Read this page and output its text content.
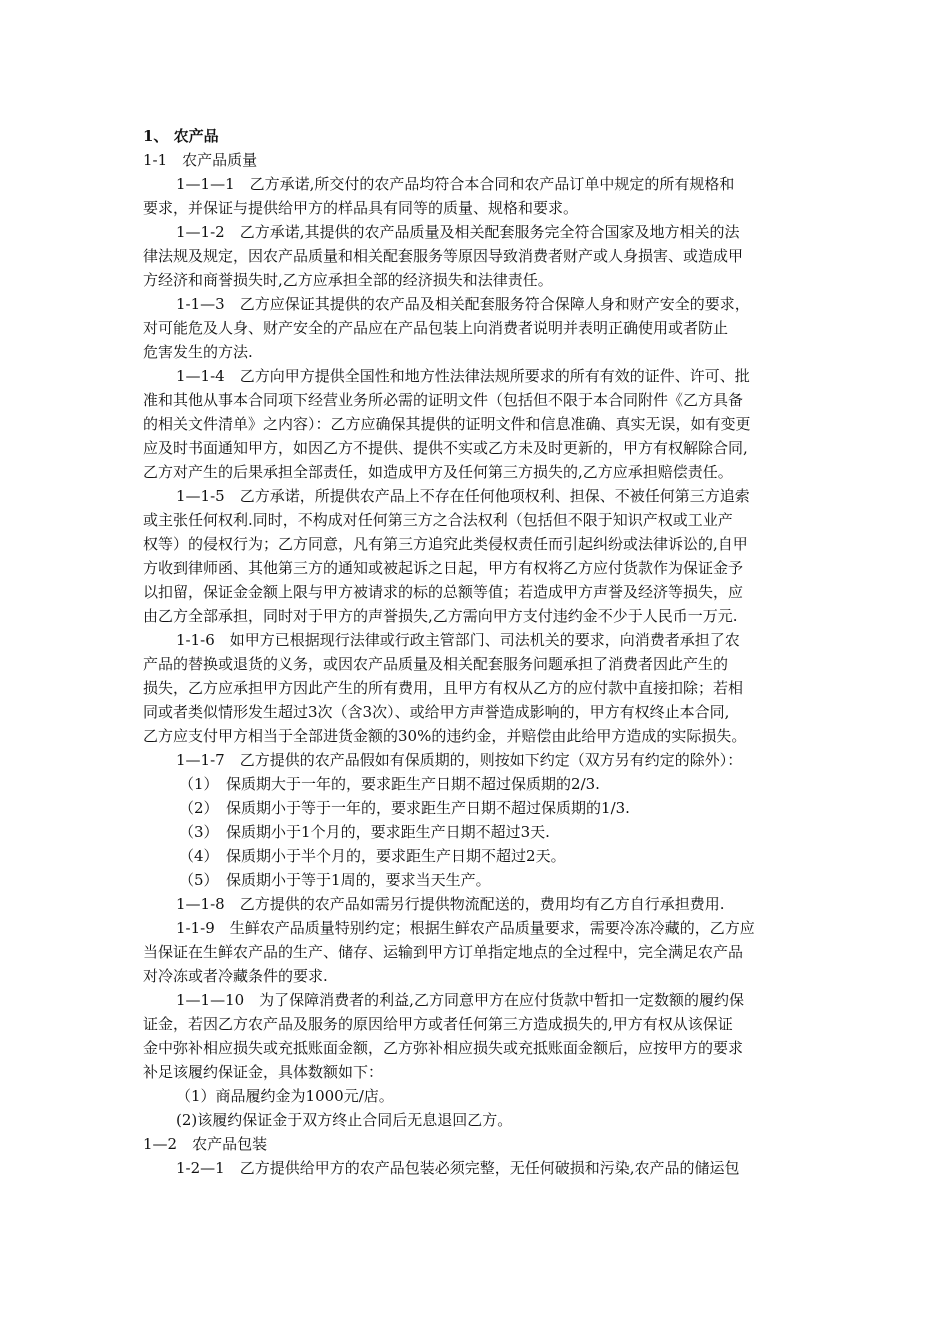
1、 农产品
1-1　农产品质量
1—1—1　乙方承诺,所交付的农产品均符合本合同和农产品订单中规定的所有规格和
要求，并保证与提供给甲方的样品具有同等的质量、规格和要求。
1—1-2　乙方承诺,其提供的农产品质量及相关配套服务完全符合国家及地方相关的法
律法规及规定，因农产品质量和相关配套服务等原因导致消费者财产或人身损害、或造成甲
方经济和商誉损失时,乙方应承担全部的经济损失和法律责任。
1-1—3　乙方应保证其提供的农产品及相关配套服务符合保障人身和财产安全的要求，
对可能危及人身、财产安全的产品应在产品包装上向消费者说明并表明正确使用或者防止
危害发生的方法.
1—1-4　乙方向甲方提供全国性和地方性法律法规所要求的所有有效的证件、许可、批
准和其他从事本合同项下经营业务所必需的证明文件（包括但不限于本合同附件《乙方具备
的相关文件清单》之内容）：乙方应确保其提供的证明文件和信息准确、真实无误，如有变更
应及时书面通知甲方，如因乙方不提供、提供不实或乙方未及时更新的，甲方有权解除合同,
乙方对产生的后果承担全部责任，如造成甲方及任何第三方损失的,乙方应承担赔偿责任。
1—1-5　乙方承诺，所提供农产品上不存在任何他项权利、担保、不被任何第三方追索
或主张任何权利.同时，不构成对任何第三方之合法权利（包括但不限于知识产权或工业产
权等）的侵权行为；乙方同意，凡有第三方追究此类侵权责任而引起纠纷或法律诉讼的,自甲
方收到律师函、其他第三方的通知或被起诉之日起，甲方有权将乙方应付货款作为保证金予
以扣留，保证金金额上限与甲方被请求的标的总额等值；若造成甲方声誉及经济等损失，应
由乙方全部承担，同时对于甲方的声誉损失,乙方需向甲方支付违约金不少于人民币一万元.
1-1-6　如甲方已根据现行法律或行政主管部门、司法机关的要求，向消费者承担了农
产品的替换或退货的义务，或因农产品质量及相关配套服务问题承担了消费者因此产生的
损失，乙方应承担甲方因此产生的所有费用，且甲方有权从乙方的应付款中直接扣除；若相
同或者类似情形发生超过3次（含3次）、或给甲方声誉造成影响的，甲方有权终止本合同,
乙方应支付甲方相当于全部进货金额的30%的违约金，并赔偿由此给甲方造成的实际损失。
1—1-7　乙方提供的农产品假如有保质期的，则按如下约定（双方另有约定的除外）：
（1）　保质期大于一年的，要求距生产日期不超过保质期的2/3.
（2）　保质期小于等于一年的，要求距生产日期不超过保质期的1/3.
（3）　保质期小于1个月的，要求距生产日期不超过3天.
（4）　保质期小于半个月的，要求距生产日期不超过2天。
（5）　保质期小于等于1周的，要求当天生产。
1—1-8　乙方提供的农产品如需另行提供物流配送的，费用均有乙方自行承担费用.
1-1-9　生鲜农产品质量特别约定；根据生鲜农产品质量要求，需要冷冻冷藏的，乙方应
当保证在生鲜农产品的生产、储存、运输到甲方订单指定地点的全过程中，完全满足农产品
对冷冻或者冷藏条件的要求.
1—1—10　为了保障消费者的利益,乙方同意甲方在应付货款中暂扣一定数额的履约保
证金，若因乙方农产品及服务的原因给甲方或者任何第三方造成损失的,甲方有权从该保证
金中弥补相应损失或充抵账面金额，乙方弥补相应损失或充抵账面金额后，应按甲方的要求
补足该履约保证金，具体数额如下：
（1）商品履约金为1000元/店。
(2)该履约保证金于双方终止合同后无息退回乙方。
1—2　农产品包装
1-2—1　乙方提供给甲方的农产品包装必须完整，无任何破损和污染,农产品的储运包
